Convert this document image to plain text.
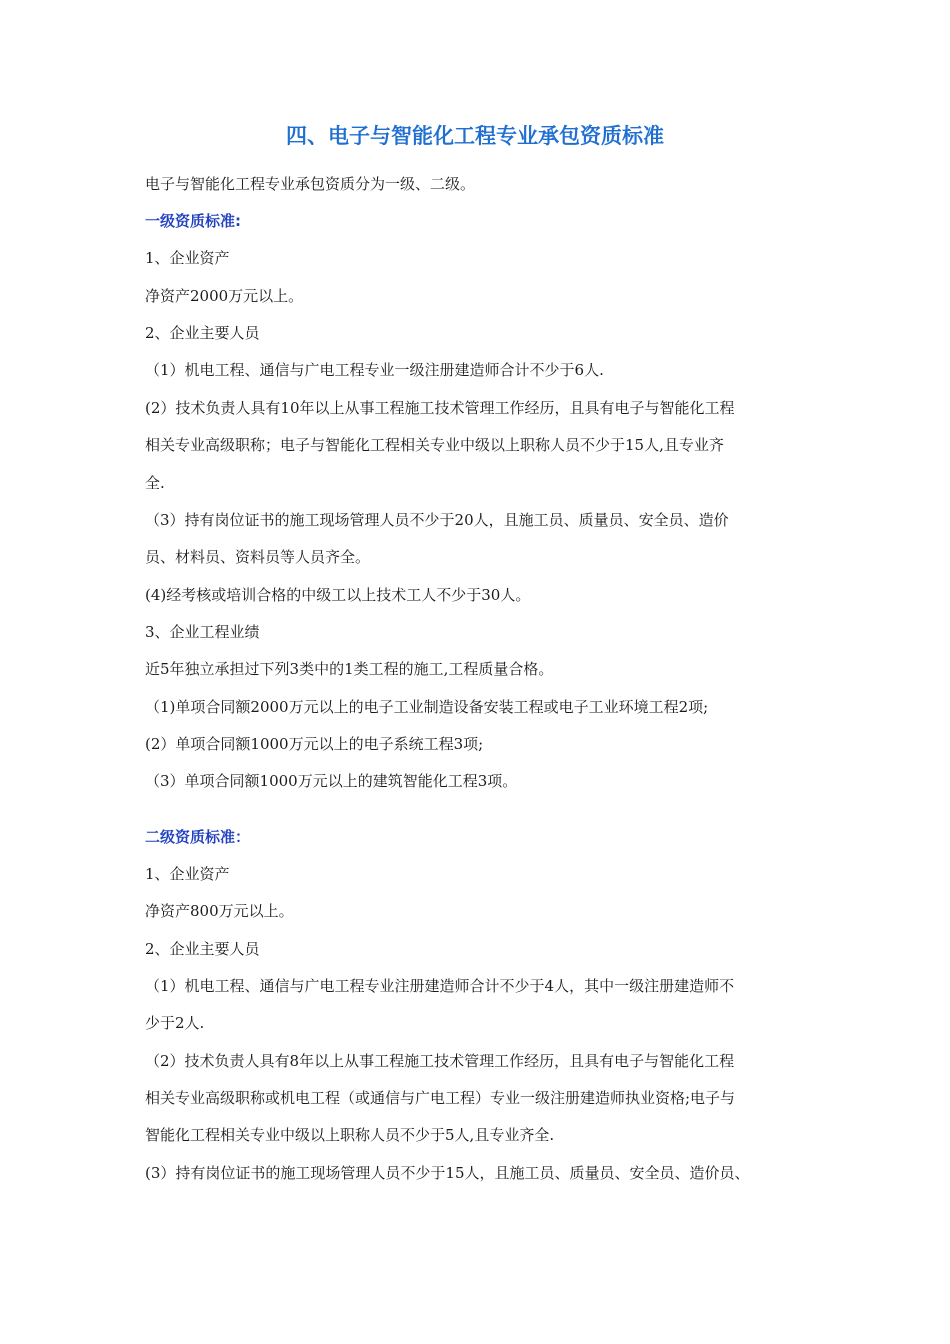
四、电子与智能化工程专业承包资质标准
电子与智能化工程专业承包资质分为一级、二级。
一级资质标准:
1、企业资产
净资产2000万元以上。
2、企业主要人员
（1）机电工程、通信与广电工程专业一级注册建造师合计不少于6人.
(2）技术负责人具有10年以上从事工程施工技术管理工作经历，且具有电子与智能化工程
相关专业高级职称；电子与智能化工程相关专业中级以上职称人员不少于15人,且专业齐
全.
（3）持有岗位证书的施工现场管理人员不少于20人，且施工员、质量员、安全员、造价
员、材料员、资料员等人员齐全。
(4)经考核或培训合格的中级工以上技术工人不少于30人。
3、企业工程业绩
近5年独立承担过下列3类中的1类工程的施工,工程质量合格。
（1)单项合同额2000万元以上的电子工业制造设备安装工程或电子工业环境工程2项;
(2）单项合同额1000万元以上的电子系统工程3项;
（3）单项合同额1000万元以上的建筑智能化工程3项。
二级资质标准：
1、企业资产
净资产800万元以上。
2、企业主要人员
（1）机电工程、通信与广电工程专业注册建造师合计不少于4人，其中一级注册建造师不
少于2人.
（2）技术负责人具有8年以上从事工程施工技术管理工作经历，且具有电子与智能化工程
相关专业高级职称或机电工程（或通信与广电工程）专业一级注册建造师执业资格;电子与
智能化工程相关专业中级以上职称人员不少于5人,且专业齐全.
(3）持有岗位证书的施工现场管理人员不少于15人，且施工员、质量员、安全员、造价员、
